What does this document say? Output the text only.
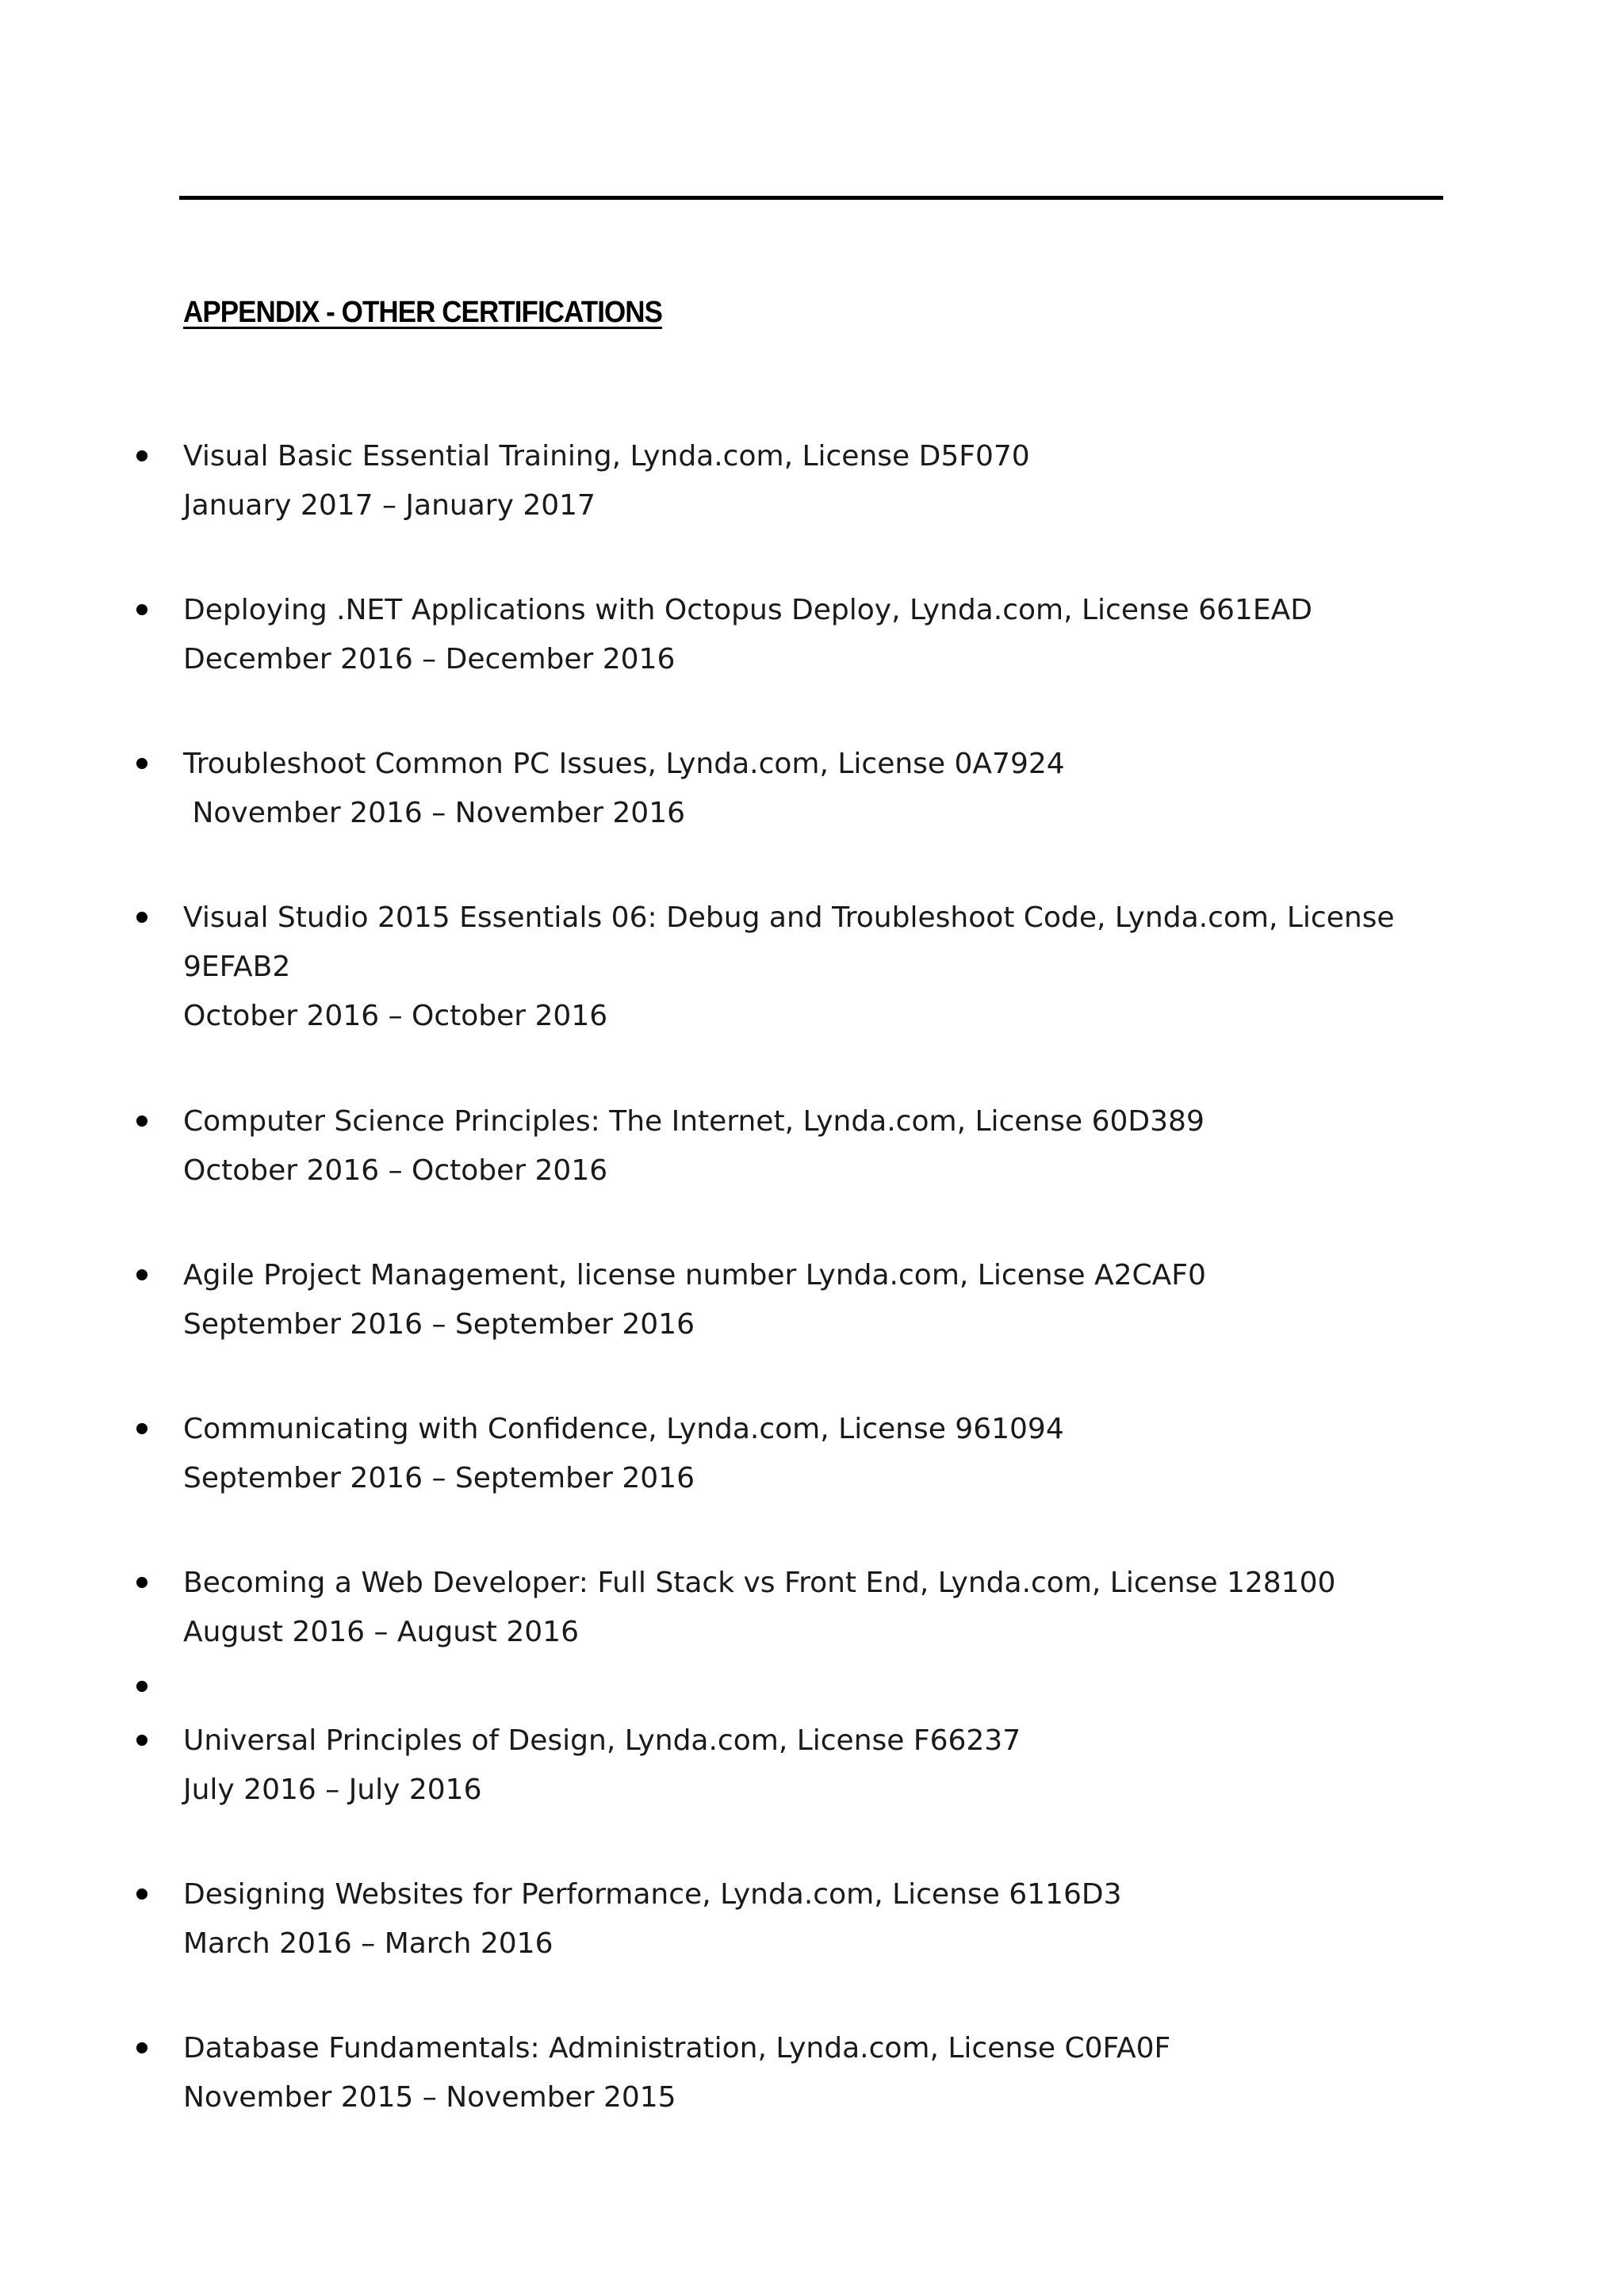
APPENDIX - OTHER CERTIFICATIONS
Visual Basic Essential Training, Lynda.com, License D5F070
January 2017 – January 2017
Deploying .NET Applications with Octopus Deploy, Lynda.com, License 661EAD
December 2016 – December 2016
Troubleshoot Common PC Issues, Lynda.com, License 0A7924
November 2016 – November 2016
Visual Studio 2015 Essentials 06: Debug and Troubleshoot Code, Lynda.com, License
9EFAB2
October 2016 – October 2016
Computer Science Principles: The Internet, Lynda.com, License 60D389
October 2016 – October 2016
Agile Project Management, license number Lynda.com, License A2CAF0
September 2016 – September 2016
Communicating with Confidence, Lynda.com, License 961094
September 2016 – September 2016
Becoming a Web Developer: Full Stack vs Front End, Lynda.com, License 128100
August 2016 – August 2016
Universal Principles of Design, Lynda.com, License F66237
July 2016 – July 2016
Designing Websites for Performance, Lynda.com, License 6116D3
March 2016 – March 2016
Database Fundamentals: Administration, Lynda.com, License C0FA0F
November 2015 – November 2015
